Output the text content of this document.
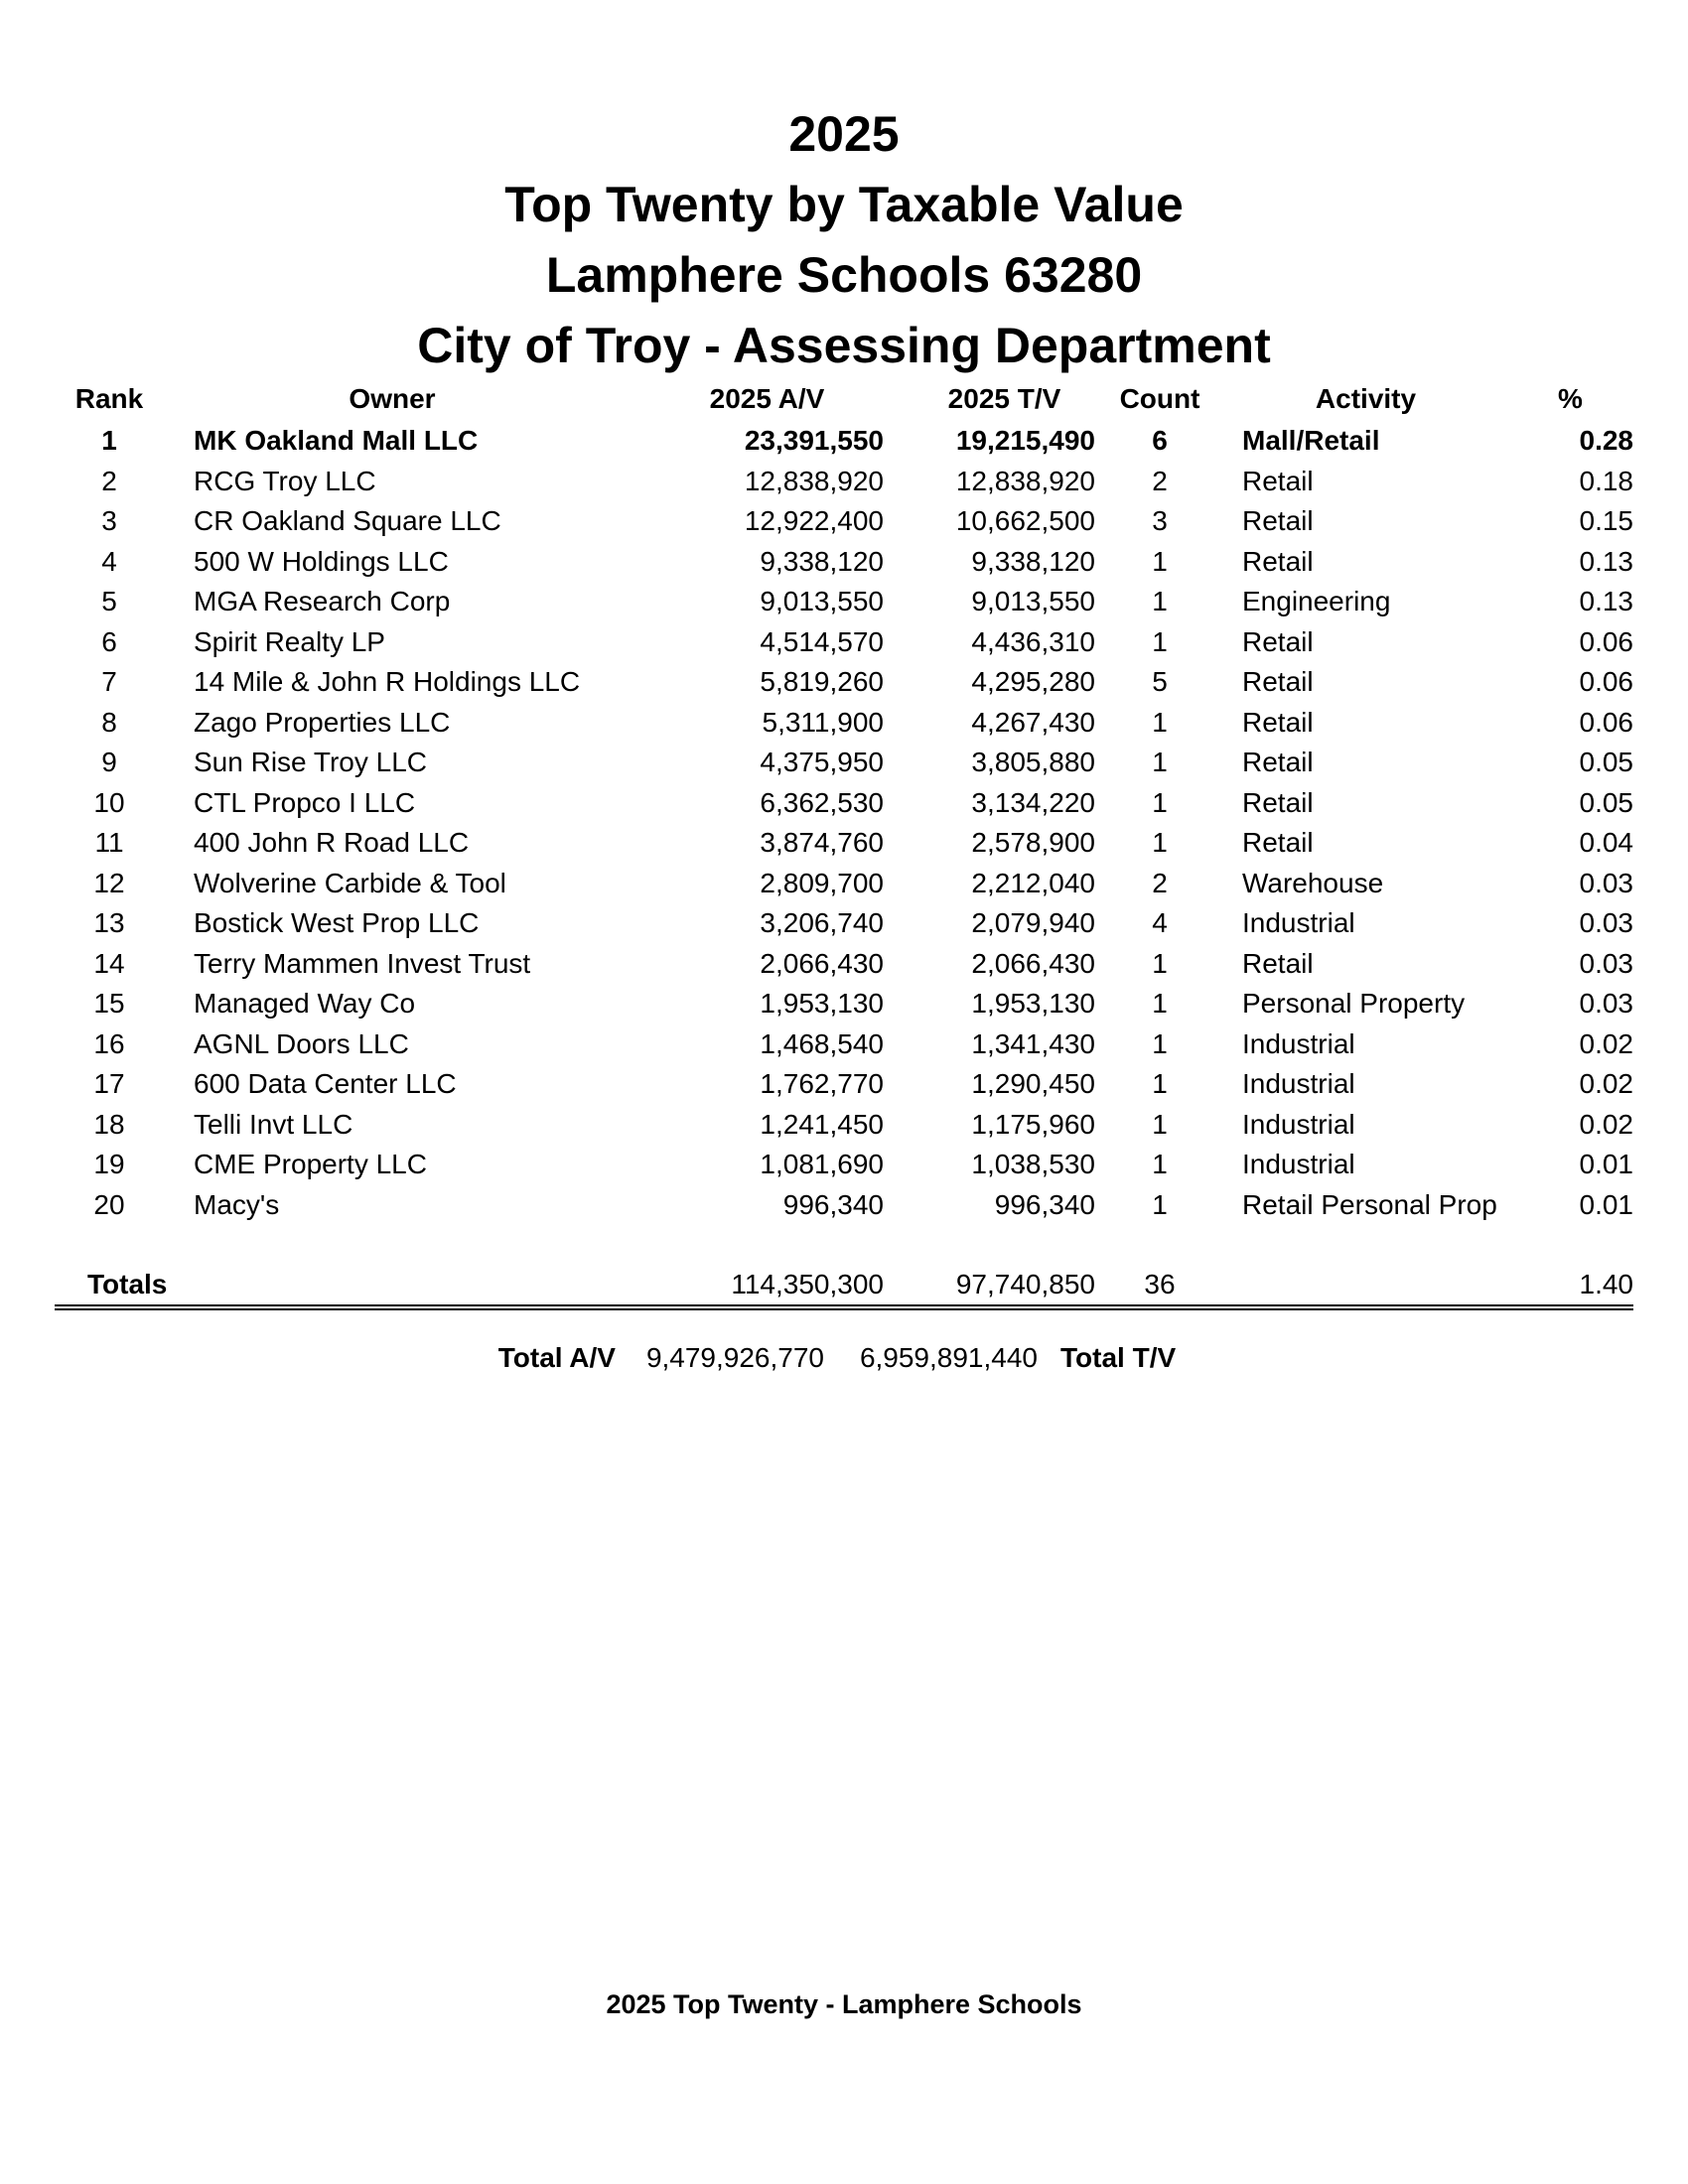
2025

Top Twenty by Taxable Value

Lamphere Schools 63280

City of Troy - Assessing Department

Rank	Owner	2025 A/V	2025 T/V	Count	Activity	%
1	MK Oakland Mall LLC	23,391,550	19,215,490	6	Mall/Retail	0.28
2	RCG Troy LLC	12,838,920	12,838,920	2	Retail	0.18
3	CR Oakland Square LLC	12,922,400	10,662,500	3	Retail	0.15
4	500 W Holdings LLC	9,338,120	9,338,120	1	Retail	0.13
5	MGA Research Corp	9,013,550	9,013,550	1	Engineering	0.13
6	Spirit Realty LP	4,514,570	4,436,310	1	Retail	0.06
7	14 Mile & John R Holdings LLC	5,819,260	4,295,280	5	Retail	0.06
8	Zago Properties LLC	5,311,900	4,267,430	1	Retail	0.06
9	Sun Rise Troy LLC	4,375,950	3,805,880	1	Retail	0.05
10	CTL Propco I LLC	6,362,530	3,134,220	1	Retail	0.05
11	400 John R Road LLC	3,874,760	2,578,900	1	Retail	0.04
12	Wolverine Carbide & Tool	2,809,700	2,212,040	2	Warehouse	0.03
13	Bostick West Prop LLC	3,206,740	2,079,940	4	Industrial	0.03
14	Terry Mammen Invest Trust	2,066,430	2,066,430	1	Retail	0.03
15	Managed Way Co	1,953,130	1,953,130	1	Personal Property	0.03
16	AGNL Doors LLC	1,468,540	1,341,430	1	Industrial	0.02
17	600 Data Center LLC	1,762,770	1,290,450	1	Industrial	0.02
18	Telli Invt LLC	1,241,450	1,175,960	1	Industrial	0.02
19	CME Property LLC	1,081,690	1,038,530	1	Industrial	0.01
20	Macy's	996,340	996,340	1	Retail Personal Prop	0.01

Totals		114,350,300	97,740,850	36		1.40
Total A/V 9,479,926,770 6,959,891,440 Total T/V
2025 Top Twenty - Lamphere Schools
